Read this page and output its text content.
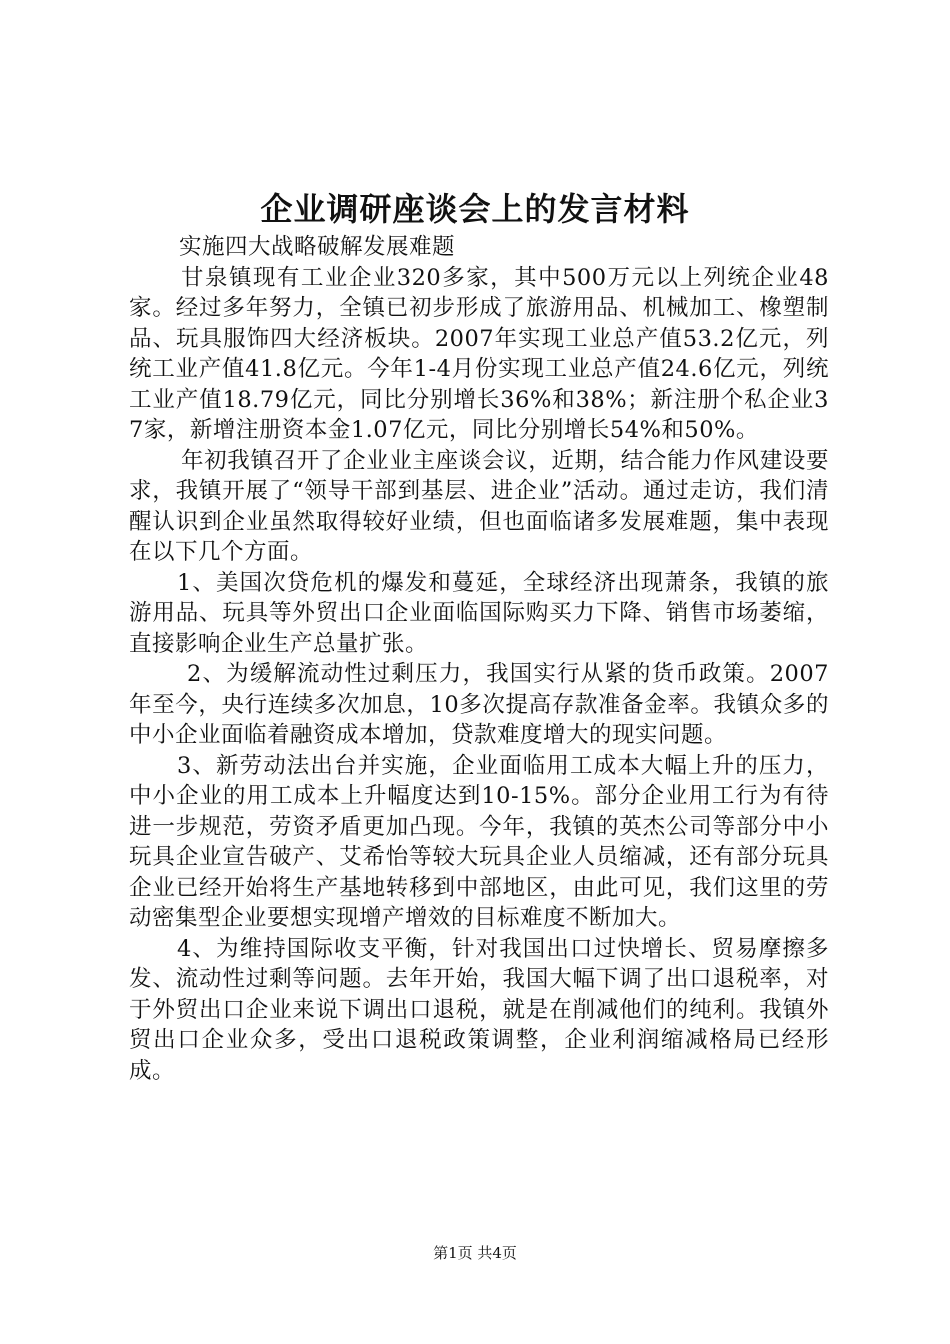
企业调研座谈会上的发言材料

实施四大战略破解发展难题

甘泉镇现有工业企业320多家，其中500万元以上列统企业48家。经过多年努力，全镇已初步形成了旅游用品、机械加工、橡塑制品、玩具服饰四大经济板块。2007年实现工业总产值53.2亿元，列统工业产值41.8亿元。今年1-4月份实现工业总产值24.6亿元，列统工业产值18.79亿元，同比分别增长36%和38%；新注册个私企业37家，新增注册资本金1.07亿元，同比分别增长54%和50%。

年初我镇召开了企业业主座谈会议，近期，结合能力作风建设要求，我镇开展了“领导干部到基层、进企业”活动。通过走访，我们清醒认识到企业虽然取得较好业绩，但也面临诸多发展难题，集中表现在以下几个方面。

1、美国次贷危机的爆发和蔓延，全球经济出现萧条，我镇的旅游用品、玩具等外贸出口企业面临国际购买力下降、销售市场萎缩，直接影响企业生产总量扩张。

2、为缓解流动性过剩压力，我国实行从紧的货币政策。2007年至今，央行连续多次加息，10多次提高存款准备金率。我镇众多的中小企业面临着融资成本增加，贷款难度增大的现实问题。

3、新劳动法出台并实施，企业面临用工成本大幅上升的压力，中小企业的用工成本上升幅度达到10-15%。部分企业用工行为有待进一步规范，劳资矛盾更加凸现。今年，我镇的英杰公司等部分中小玩具企业宣告破产、艾希怡等较大玩具企业人员缩减，还有部分玩具企业已经开始将生产基地转移到中部地区，由此可见，我们这里的劳动密集型企业要想实现增产增效的目标难度不断加大。

4、为维持国际收支平衡，针对我国出口过快增长、贸易摩擦多发、流动性过剩等问题。去年开始，我国大幅下调了出口退税率，对于外贸出口企业来说下调出口退税，就是在削减他们的纯利。我镇外贸出口企业众多，受出口退税政策调整，企业利润缩减格局已经形成。

第1页 共4页
